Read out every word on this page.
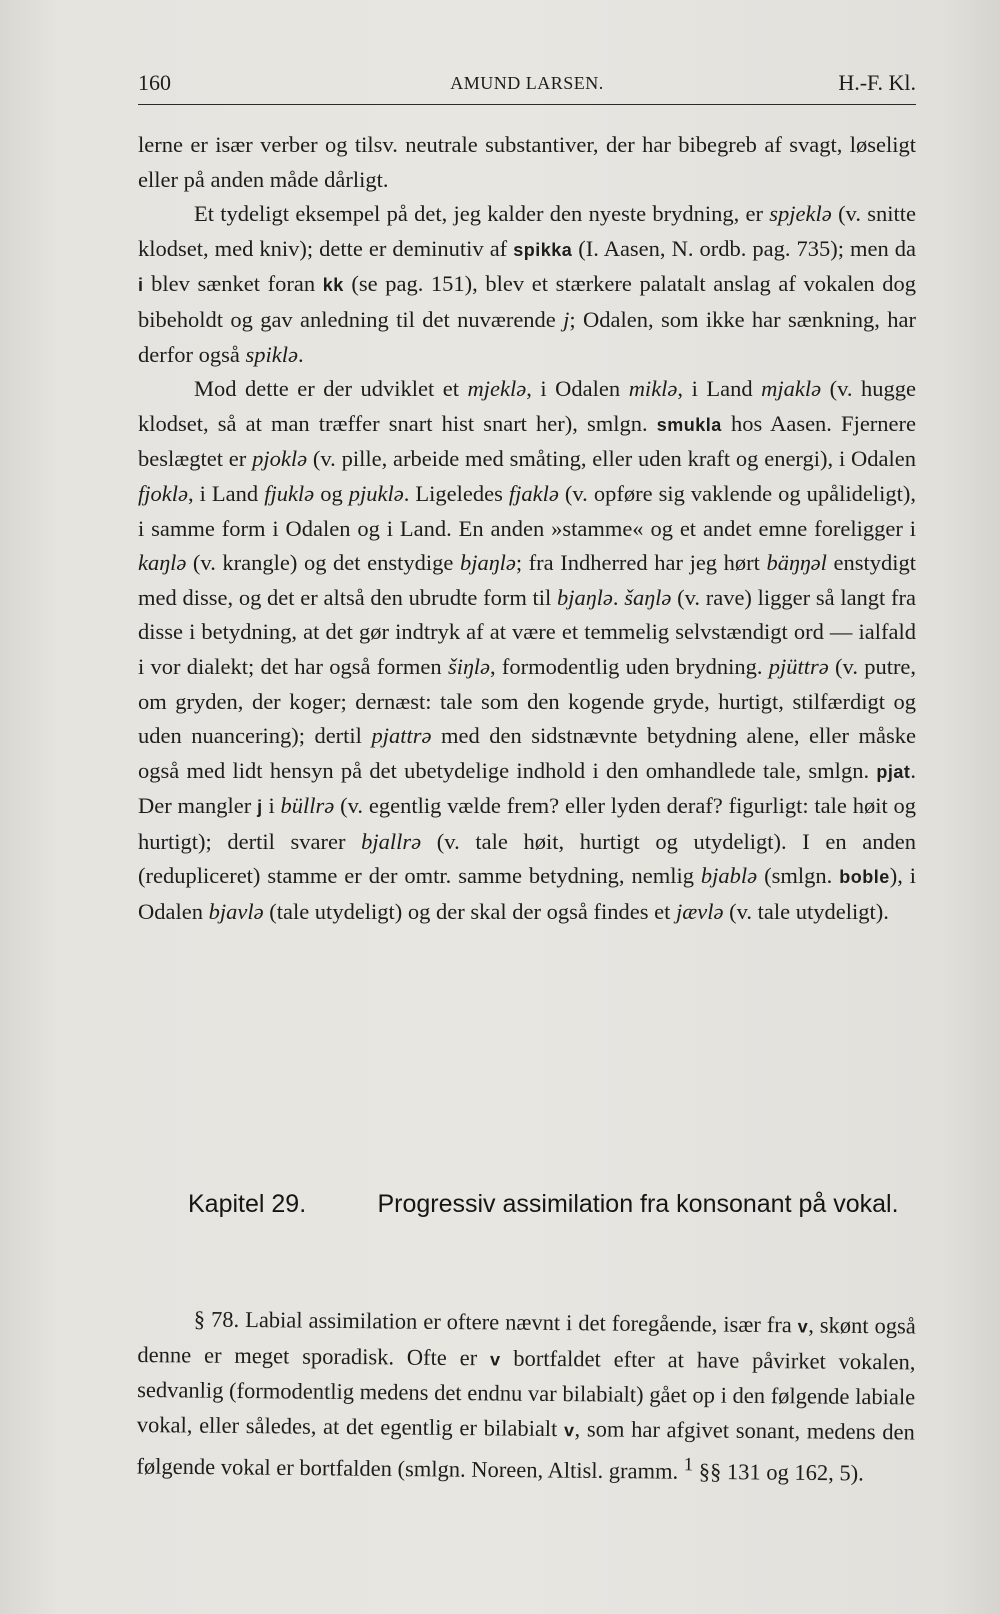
160	AMUND LARSEN.	H.-F. Kl.

lerne er især verber og tilsv. neutrale substantiver, der har bibegreb af svagt, løseligt eller på anden måde dårligt.

Et tydeligt eksempel på det, jeg kalder den nyeste brydning, er spjeklə (v. snitte klodset, med kniv); dette er deminutiv af spikka (I. Aasen, N. ordb. pag. 735); men da i blev sænket foran kk (se pag. 151), blev et stærkere palatalt anslag af vokalen dog bibeholdt og gav anledning til det nuværende j; Odalen, som ikke har sænkning, har derfor også spiklə.

Mod dette er der udviklet et mjeklə, i Odalen miklə, i Land mjaklə (v. hugge klodset, så at man træffer snart hist snart her), smlgn. smukla hos Aasen. Fjernere beslægtet er pjoklə (v. pille, arbeide med småting, eller uden kraft og energi), i Odalen fjoklə, i Land fjuklə og pjuklə. Ligeledes fjaklə (v. opføre sig vaklende og upålideligt), i samme form i Odalen og i Land. En anden »stamme« og et andet emne foreligger i kaŋlə (v. krangle) og det enstydige bjaŋlə; fra Indherred har jeg hørt bäŋŋəl enstydigt med disse, og det er altså den ubrudte form til bjaŋlə. šaŋlə (v. rave) ligger så langt fra disse i betydning, at det gør indtryk af at være et temmelig selvstændigt ord — ialfald i vor dialekt; det har også formen šiŋlə, formodentlig uden brydning. pjüttrə (v. putre, om gryden, der koger; dernæst: tale som den kogende gryde, hurtigt, stilfærdigt og uden nuancering); dertil pjattrə med den sidstnævnte betydning alene, eller måske også med lidt hensyn på det ubetydelige indhold i den omhandlede tale, smlgn. pjat. Der mangler j i büllrə (v. egentlig vælde frem? eller lyden deraf? figurligt: tale høit og hurtigt); dertil svarer bjallrə (v. tale høit, hurtigt og utydeligt). I en anden (redupliceret) stamme er der omtr. samme betydning, nemlig bjablə (smlgn. boble), i Odalen bjavlə (tale utydeligt) og der skal der også findes et jævlə (v. tale utydeligt).

Kapitel 29.	Progressiv assimilation fra konsonant på vokal.

§ 78. Labial assimilation er oftere nævnt i det foregående, især fra v, skønt også denne er meget sporadisk. Ofte er v bortfaldet efter at have påvirket vokalen, sedvanlig (formodentlig medens det endnu var bilabialt) gået op i den følgende labiale vokal, eller således, at det egentlig er bilabialt v, som har afgivet sonant, medens den følgende vokal er bortfalden (smlgn. Noreen, Altisl. gramm. $^1$ §§ 131 og 162, 5).
